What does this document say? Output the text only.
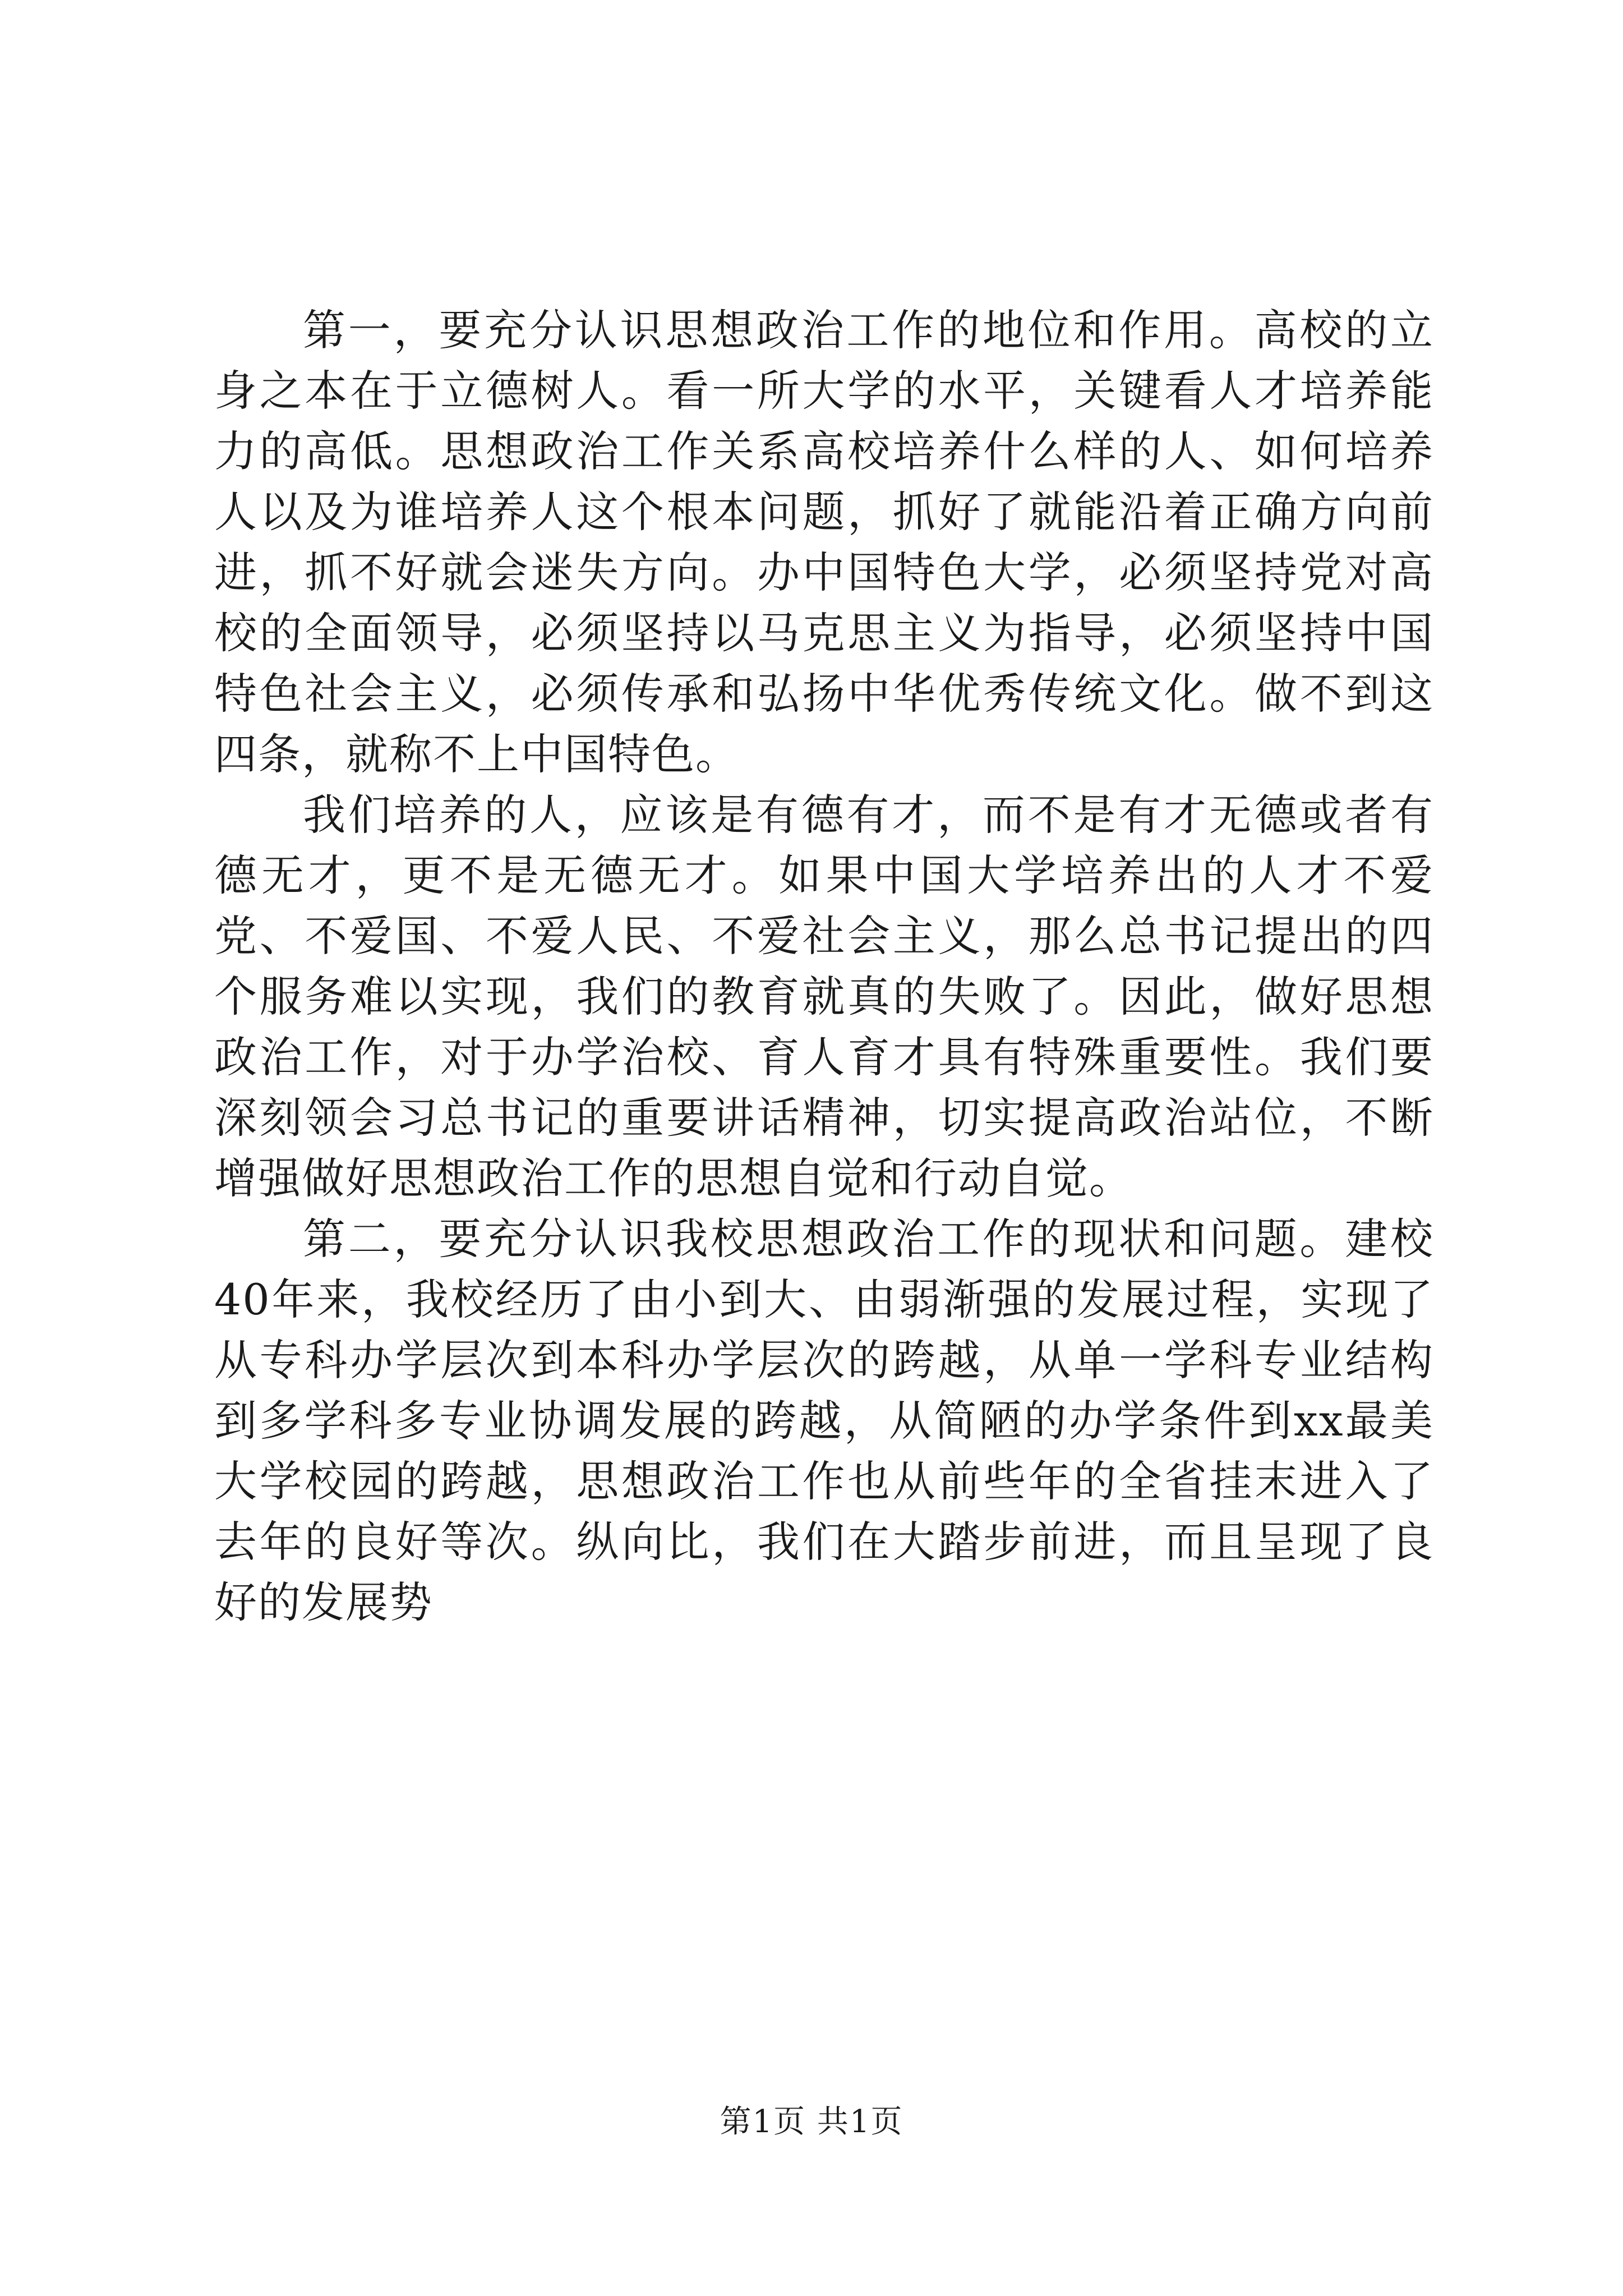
第一，要充分认识思想政治工作的地位和作用。高校的立身之本在于立德树人。看一所大学的水平，关键看人才培养能力的高低。思想政治工作关系高校培养什么样的人、如何培养人以及为谁培养人这个根本问题，抓好了就能沿着正确方向前进，抓不好就会迷失方向。办中国特色大学，必须坚持党对高校的全面领导，必须坚持以马克思主义为指导，必须坚持中国特色社会主义，必须传承和弘扬中华优秀传统文化。做不到这四条，就称不上中国特色。

我们培养的人，应该是有德有才，而不是有才无德或者有德无才，更不是无德无才。如果中国大学培养出的人才不爱党、不爱国、不爱人民、不爱社会主义，那么总书记提出的四个服务难以实现，我们的教育就真的失败了。因此，做好思想政治工作，对于办学治校、育人育才具有特殊重要性。我们要深刻领会习总书记的重要讲话精神，切实提高政治站位，不断增强做好思想政治工作的思想自觉和行动自觉。

第二，要充分认识我校思想政治工作的现状和问题。建校40年来，我校经历了由小到大、由弱渐强的发展过程，实现了从专科办学层次到本科办学层次的跨越，从单一学科专业结构到多学科多专业协调发展的跨越，从简陋的办学条件到xx最美大学校园的跨越，思想政治工作也从前些年的全省挂末进入了去年的良好等次。纵向比，我们在大踏步前进，而且呈现了良好的发展势

第1页 共1页
